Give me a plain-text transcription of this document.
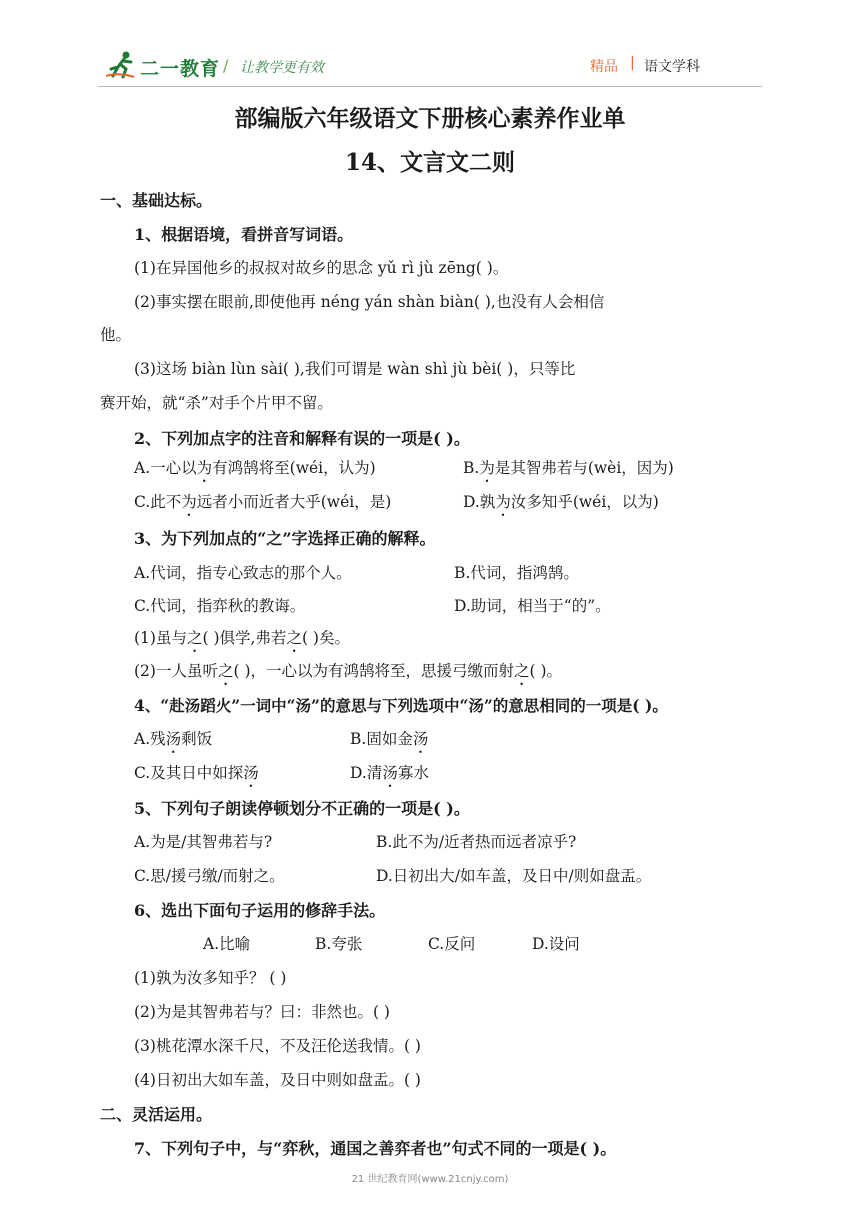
二一教育 / 让教学更有效	精品 | 语文学科
部编版六年级语文下册核心素养作业单
14、文言文二则
一、基础达标。
1、根据语境，看拼音写词语。
(1)在异国他乡的叔叔对故乡的思念 yǔ rì jù zēng( )。
(2)事实摆在眼前,即使他再 néng yán shàn biàn( ),也没有人会相信
他。
(3)这场 biàn lùn sài( ),我们可谓是 wàn shì jù bèi( )，只等比
赛开始，就“杀”对手个片甲不留。
2、下列加点字的注音和解释有误的一项是( )。
A.一心以为有鸿鹄将至(wéi，认为)	B.为是其智弗若与(wèi，因为)
C.此不为远者小而近者大乎(wéi，是)	D.孰为汝多知乎(wéi，以为)
3、为下列加点的“之”字选择正确的解释。
A.代词，指专心致志的那个人。	B.代词，指鸿鹄。
C.代词，指弈秋的教诲。	D.助词，相当于“的”。
(1)虽与之( )俱学,弗若之( )矣。
(2)一人虽听之( )，一心以为有鸿鹄将至，思援弓缴而射之( )。
4、“赴汤蹈火”一词中“汤”的意思与下列选项中“汤”的意思相同的一项是( )。
A.残汤剩饭	B.固如金汤
C.及其日中如探汤	D.清汤寡水
5、下列句子朗读停顿划分不正确的一项是( )。
A.为是/其智弗若与?	B.此不为/近者热而远者凉乎?
C.思/援弓缴/而射之。	D.日初出大/如车盖，及日中/则如盘盂。
6、选出下面句子运用的修辞手法。
A.比喻	B.夸张	C.反问	D.设问
(1)孰为汝多知乎？ ( )
(2)为是其智弗若与？曰：非然也。( )
(3)桃花潭水深千尺，不及汪伦送我情。( )
(4)日初出大如车盖，及日中则如盘盂。( )
二、灵活运用。
7、下列句子中，与“弈秋，通国之善弈者也”句式不同的一项是( )。
21 世纪教育网(www.21cnjy.com)
